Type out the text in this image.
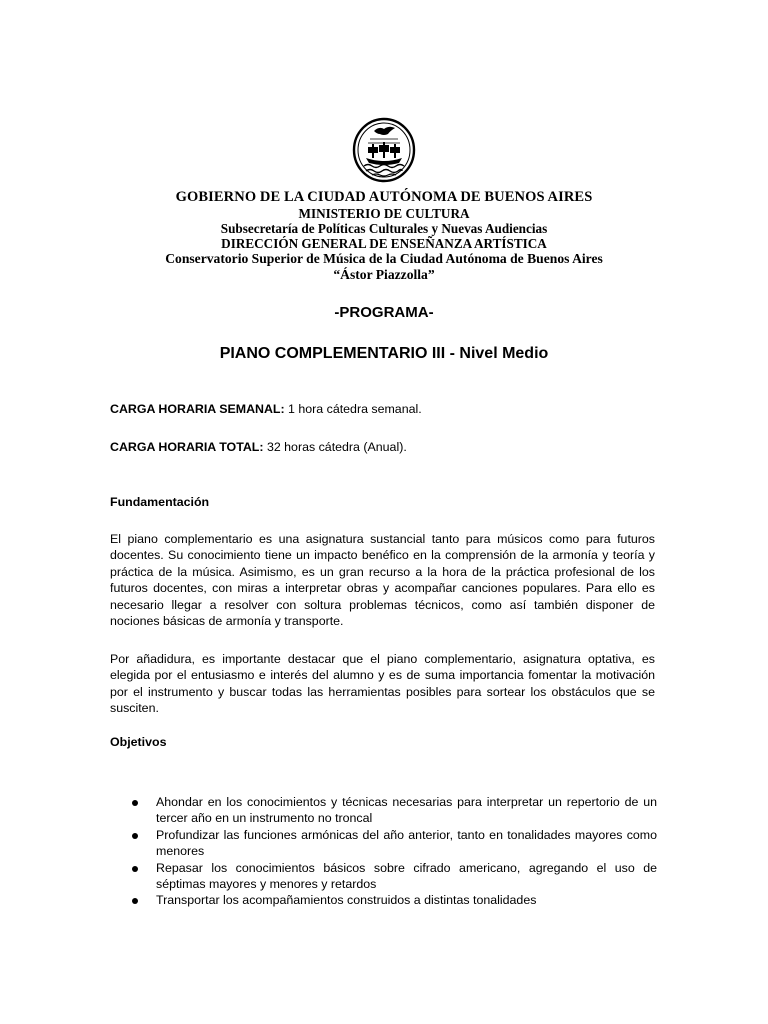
GOBIERNO DE LA CIUDAD AUTÓNOMA DE BUENOS AIRES
MINISTERIO DE CULTURA
Subsecretaría de Políticas Culturales y Nuevas Audiencias
DIRECCIÓN GENERAL DE ENSEÑANZA ARTÍSTICA
Conservatorio Superior de Música de la Ciudad Autónoma de Buenos Aires
“Ástor Piazzolla”
-PROGRAMA-
PIANO COMPLEMENTARIO III - Nivel Medio
CARGA HORARIA SEMANAL: 1 hora cátedra semanal.
CARGA HORARIA TOTAL: 32 horas cátedra (Anual).
Fundamentación
El piano complementario es una asignatura sustancial tanto para músicos como para futuros docentes. Su conocimiento tiene un impacto benéfico en la comprensión de la armonía y teoría y práctica de la música. Asimismo, es un gran recurso a la hora de la práctica profesional de los futuros docentes, con miras a interpretar obras y acompañar canciones populares. Para ello es necesario llegar a resolver con soltura problemas técnicos, como así también disponer de nociones básicas de armonía y transporte.
Por añadidura, es importante destacar que el piano complementario, asignatura optativa, es elegida por el entusiasmo e interés del alumno y es de suma importancia fomentar la motivación por el instrumento y buscar todas las herramientas posibles para sortear los obstáculos que se susciten.
Objetivos
Ahondar en los conocimientos y técnicas necesarias para interpretar un repertorio de un tercer año en un instrumento no troncal
Profundizar las funciones armónicas del año anterior, tanto en tonalidades mayores como menores
Repasar los conocimientos básicos sobre cifrado americano, agregando el uso de séptimas mayores y menores y retardos
Transportar los acompañamientos construidos a distintas tonalidades
